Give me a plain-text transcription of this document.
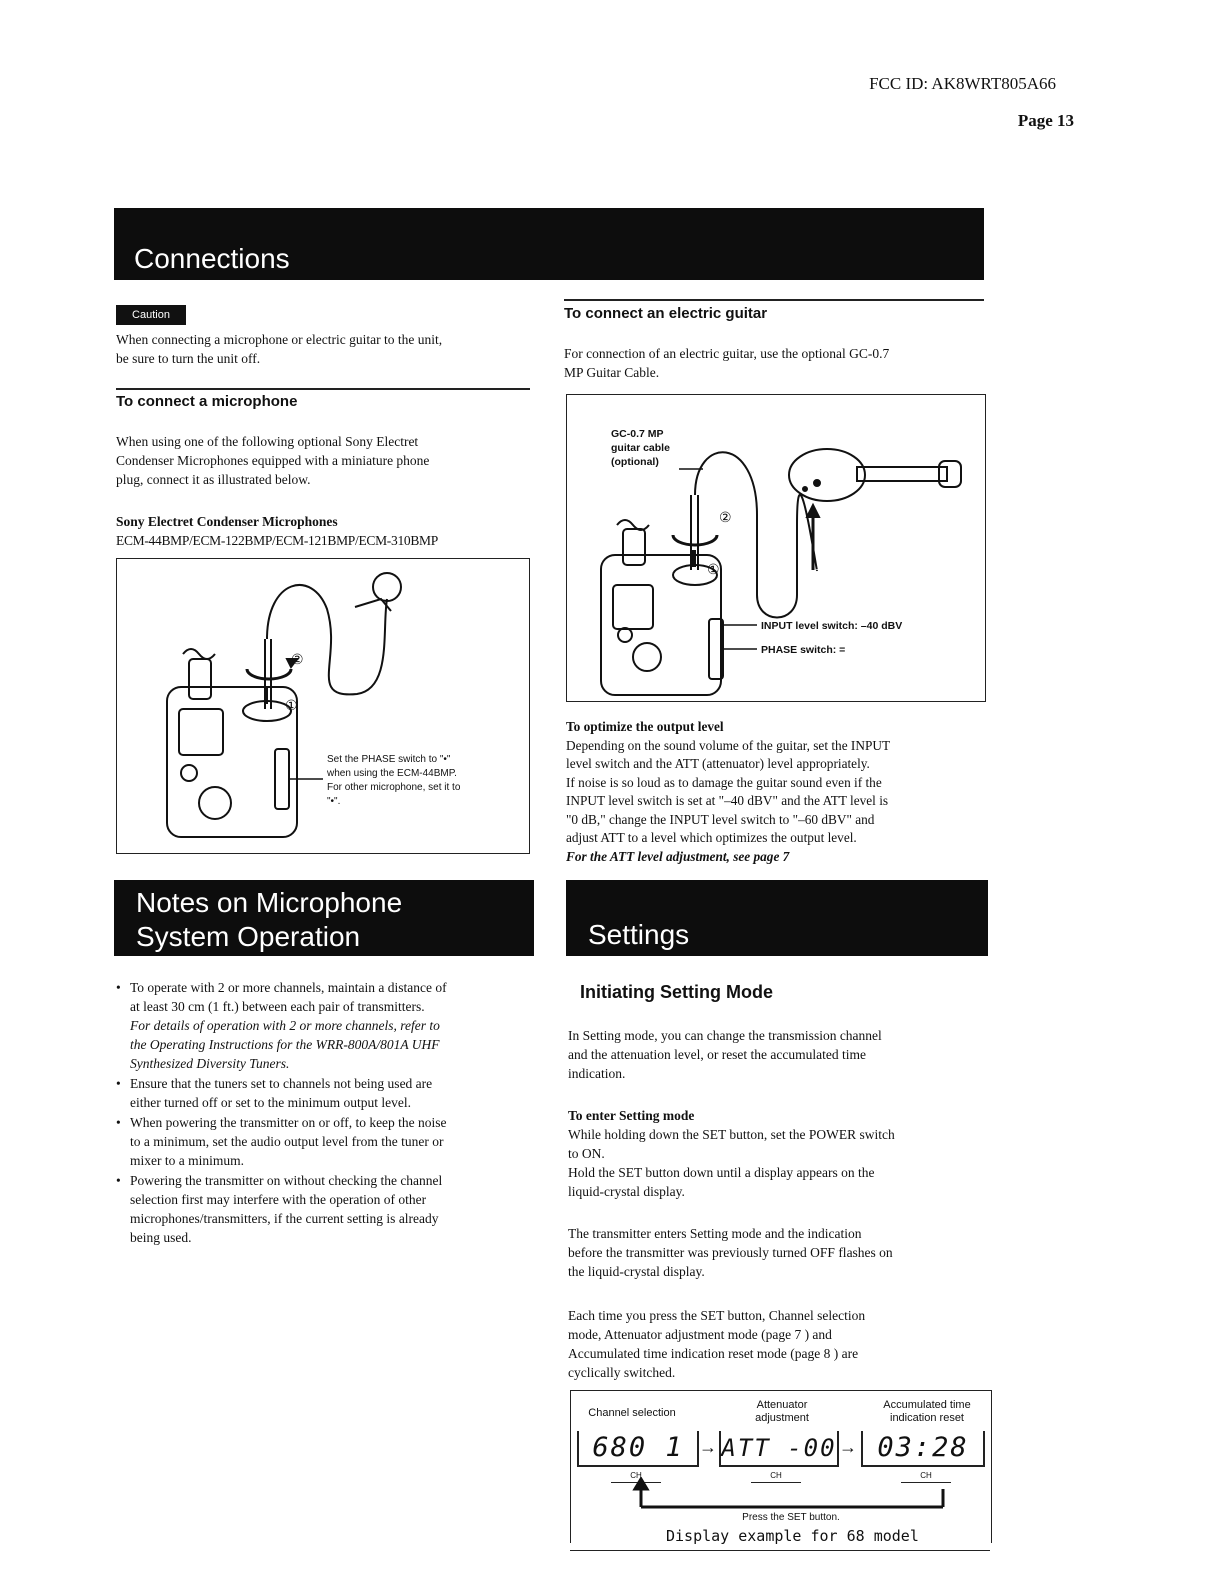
FCC ID: AK8WRT805A66
Page 13
Connections
Caution
When connecting a microphone or electric guitar to the unit,
be sure to turn the unit off.
To connect a microphone
When using one of the following optional Sony Electret
Condenser Microphones equipped with a miniature phone
plug, connect it as illustrated below.
Sony Electret Condenser Microphones
ECM-44BMP/ECM-122BMP/ECM-121BMP/ECM-310BMP
①
②
Set the PHASE switch to "•"
when using the ECM-44BMP.
For other microphone, set it to
"•".
Notes on Microphone
System Operation
• To operate with 2 or more channels, maintain a distance of
at least 30 cm (1 ft.) between each pair of transmitters.
For details of operation with 2 or more channels, refer to
the Operating Instructions for the WRR-800A/801A UHF
Synthesized Diversity Tuners.
• Ensure that the tuners set to channels not being used are
either turned off or set to the minimum output level.
• When powering the transmitter on or off, to keep the noise
to a minimum, set the audio output level from the tuner or
mixer to a minimum.
• Powering the transmitter on without checking the channel
selection first may interfere with the operation of other
microphones/transmitters, if the current setting is already
being used.
To connect an electric guitar
For connection of an electric guitar, use the optional GC-0.7
MP Guitar Cable.
GC-0.7 MP
guitar cable
(optional)
①
②
INPUT level switch: –40 dBV
PHASE switch: =
To optimize the output level
Depending on the sound volume of the guitar, set the INPUT
level switch and the ATT (attenuator) level appropriately.
If noise is so loud as to damage the guitar sound even if the
INPUT level switch is set at "–40 dBV" and the ATT level is
"0 dB," change the INPUT level switch to "–60 dBV" and
adjust ATT to a level which optimizes the output level.
For the ATT level adjustment, see page 7
Settings
Initiating Setting Mode
In Setting mode, you can change the transmission channel
and the attenuation level, or reset the accumulated time
indication.
To enter Setting mode
While holding down the SET button, set the POWER switch
to ON.
Hold the SET button down until a display appears on the
liquid-crystal display.
The transmitter enters Setting mode and the indication
before the transmitter was previously turned OFF flashes on
the liquid-crystal display.
Each time you press the SET button, Channel selection
mode, Attenuator adjustment mode (page 7 ) and
Accumulated time indication reset mode (page 8 ) are
cyclically switched.
Channel selection
Attenuator
adjustment
Accumulated time
indication reset
680 1 → ATT -00 → 03:28
CH	CH	CH
Press the SET button.
Display example for 68 model
